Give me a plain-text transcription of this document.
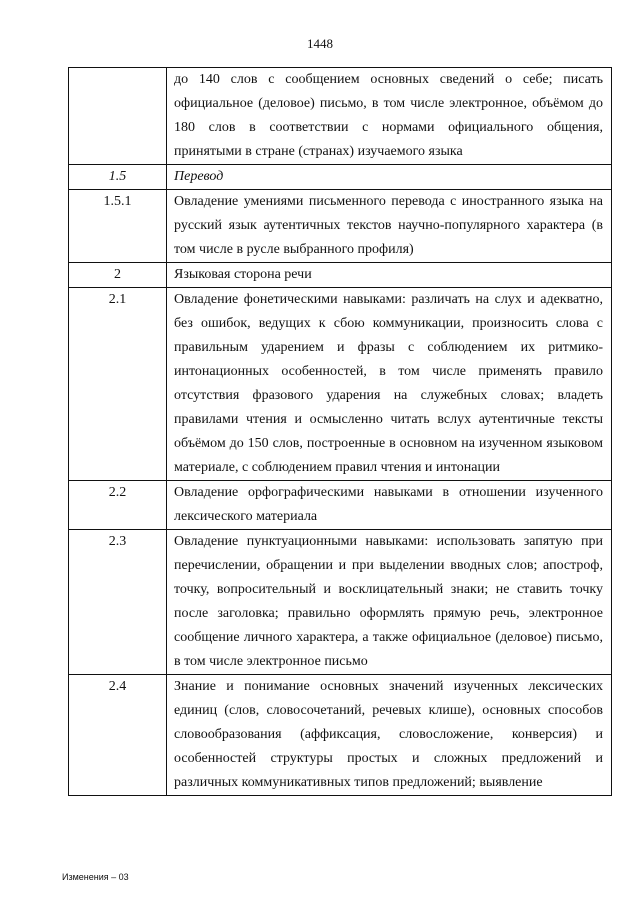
1448
	до 140 слов с сообщением основных сведений о себе; писать официальное (деловое) письмо, в том числе электронное, объёмом до 180 слов в соответствии с нормами официального общения, принятыми в стране (странах) изучаемого языка
1.5	Перевод
1.5.1	Овладение умениями письменного перевода с иностранного языка на русский язык аутентичных текстов научно-популярного характера (в том числе в русле выбранного профиля)
2	Языковая сторона речи
2.1	Овладение фонетическими навыками: различать на слух и адекватно, без ошибок, ведущих к сбою коммуникации, произносить слова с правильным ударением и фразы с соблюдением их ритмико-интонационных особенностей, в том числе применять правило отсутствия фразового ударения на служебных словах; владеть правилами чтения и осмысленно читать вслух аутентичные тексты объёмом до 150 слов, построенные в основном на изученном языковом материале, с соблюдением правил чтения и интонации
2.2	Овладение орфографическими навыками в отношении изученного лексического материала
2.3	Овладение пунктуационными навыками: использовать запятую при перечислении, обращении и при выделении вводных слов; апостроф, точку, вопросительный и восклицательный знаки; не ставить точку после заголовка; правильно оформлять прямую речь, электронное сообщение личного характера, а также официальное (деловое) письмо, в том числе электронное письмо
2.4	Знание и понимание основных значений изученных лексических единиц (слов, словосочетаний, речевых клише), основных способов словообразования (аффиксация, словосложение, конверсия) и особенностей структуры простых и сложных предложений и различных коммуникативных типов предложений; выявление
Изменения – 03
